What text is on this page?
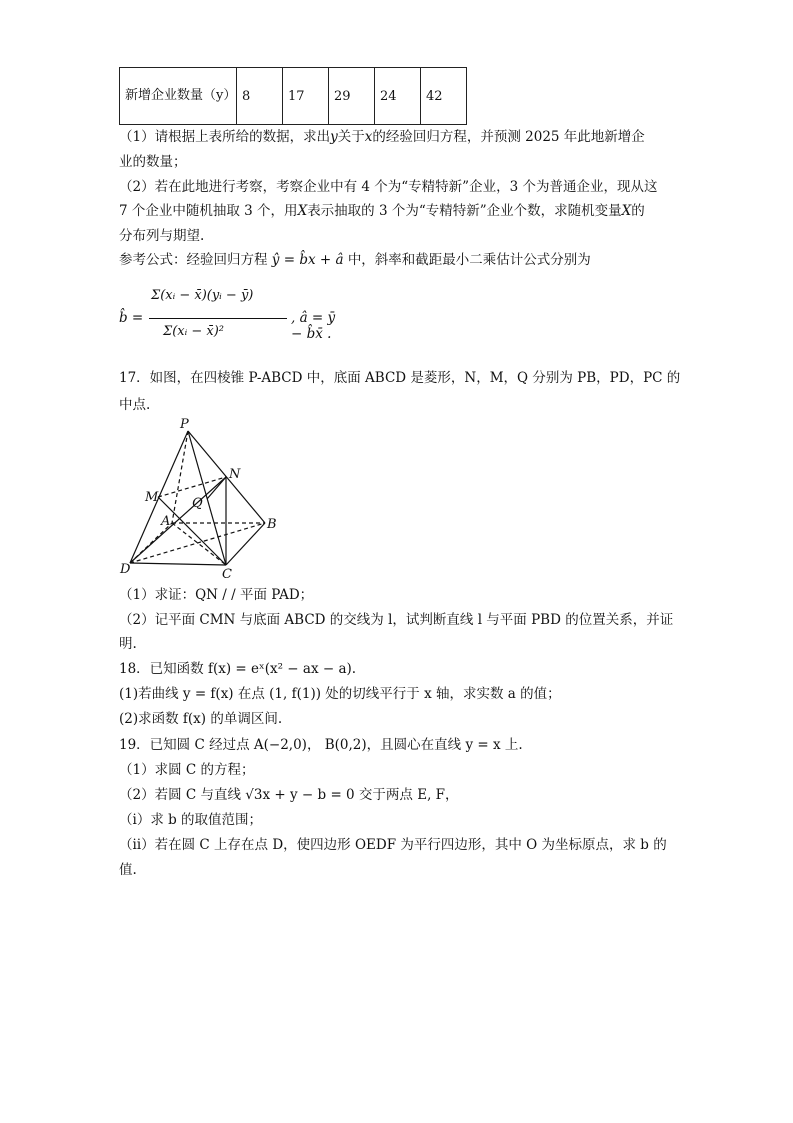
新增企业数量（y）	8	17	29	24	42
（1）请根据上表所给的数据，求出y关于x的经验回归方程，并预测 2025 年此地新增企
业的数量；
（2）若在此地进行考察，考察企业中有 4 个为“专精特新”企业，3 个为普通企业，现从这
7 个企业中随机抽取 3 个，用X表示抽取的 3 个为“专精特新”企业个数，求随机变量X的
分布列与期望.
参考公式：经验回归方程 ŷ = b̂x + â 中，斜率和截距最小二乘估计公式分别为
b̂ =
Σ(xᵢ − x̄)(yᵢ − ȳ)
Σ(xᵢ − x̄)²
, â = ȳ − b̂x̄ .
17．如图，在四棱锥 P-ABCD 中，底面 ABCD 是菱形，N，M，Q 分别为 PB，PD，PC 的
中点.
P
N
M	Q
A	B
D	C
（1）求证：QN / / 平面 PAD；
（2）记平面 CMN 与底面 ABCD 的交线为 l，试判断直线 l 与平面 PBD 的位置关系，并证
明.
18．已知函数 f(x) = eˣ(x² − ax − a).
(1)若曲线 y = f(x) 在点 (1, f(1)) 处的切线平行于 x 轴，求实数 a 的值；
(2)求函数 f(x) 的单调区间.
19．已知圆 C 经过点 A(−2,0)， B(0,2)，且圆心在直线 y = x 上.
（1）求圆 C 的方程；
（2）若圆 C 与直线 √3x + y − b = 0 交于两点 E, F，
（ⅰ）求 b 的取值范围；
（ⅱ）若在圆 C 上存在点 D，使四边形 OEDF 为平行四边形，其中 O 为坐标原点，求 b 的
值.
